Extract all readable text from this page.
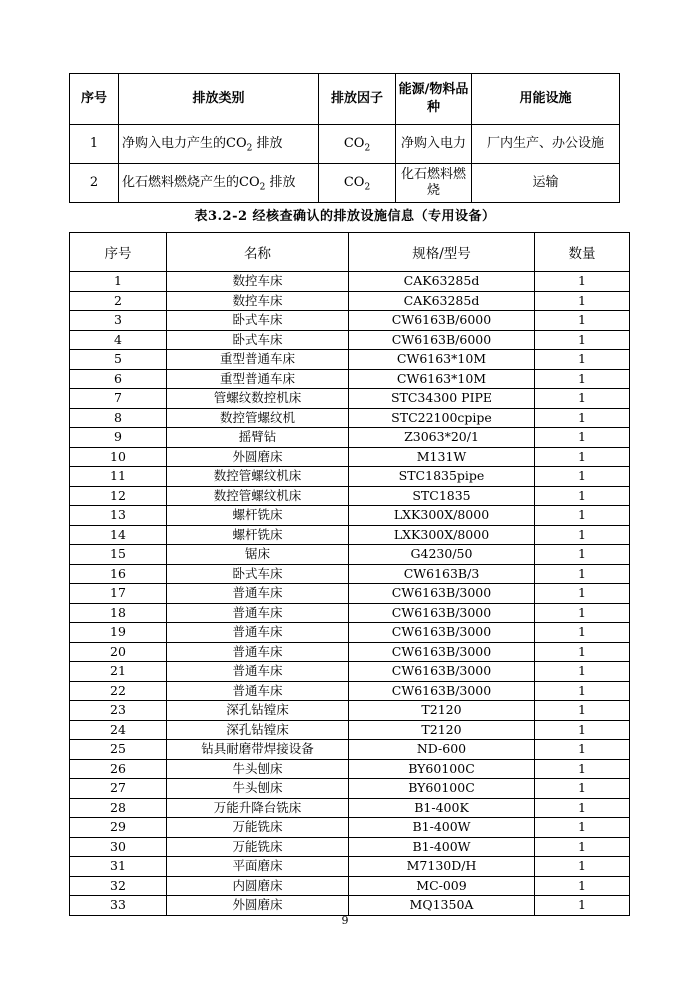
序号	排放类别	排放因子	能源/物料品种	用能设施
1	净购入电力产生的$CO_2$ 排放	$CO_2$	净购入电力	厂内生产、办公设施
2	化石燃料燃烧产生的$CO_2$ 排放	$CO_2$	化石燃料燃烧	运输
表3.2-2 经核查确认的排放设施信息（专用设备）
序号	名称	规格/型号	数量
1	数控车床	CAK63285d	1
2	数控车床	CAK63285d	1
3	卧式车床	CW6163B/6000	1
4	卧式车床	CW6163B/6000	1
5	重型普通车床	CW6163*10M	1
6	重型普通车床	CW6163*10M	1
7	管螺纹数控机床	STC34300 PIPE	1
8	数控管螺纹机	STC22100cpipe	1
9	摇臂钻	Z3063*20/1	1
10	外圆磨床	M131W	1
11	数控管螺纹机床	STC1835pipe	1
12	数控管螺纹机床	STC1835	1
13	螺杆铣床	LXK300X/8000	1
14	螺杆铣床	LXK300X/8000	1
15	锯床	G4230/50	1
16	卧式车床	CW6163B/3	1
17	普通车床	CW6163B/3000	1
18	普通车床	CW6163B/3000	1
19	普通车床	CW6163B/3000	1
20	普通车床	CW6163B/3000	1
21	普通车床	CW6163B/3000	1
22	普通车床	CW6163B/3000	1
23	深孔钻镗床	T2120	1
24	深孔钻镗床	T2120	1
25	钻具耐磨带焊接设备	ND-600	1
26	牛头刨床	BY60100C	1
27	牛头刨床	BY60100C	1
28	万能升降台铣床	B1-400K	1
29	万能铣床	B1-400W	1
30	万能铣床	B1-400W	1
31	平面磨床	M7130D/H	1
32	内圆磨床	MC-009	1
33	外圆磨床	MQ1350A	1
9
